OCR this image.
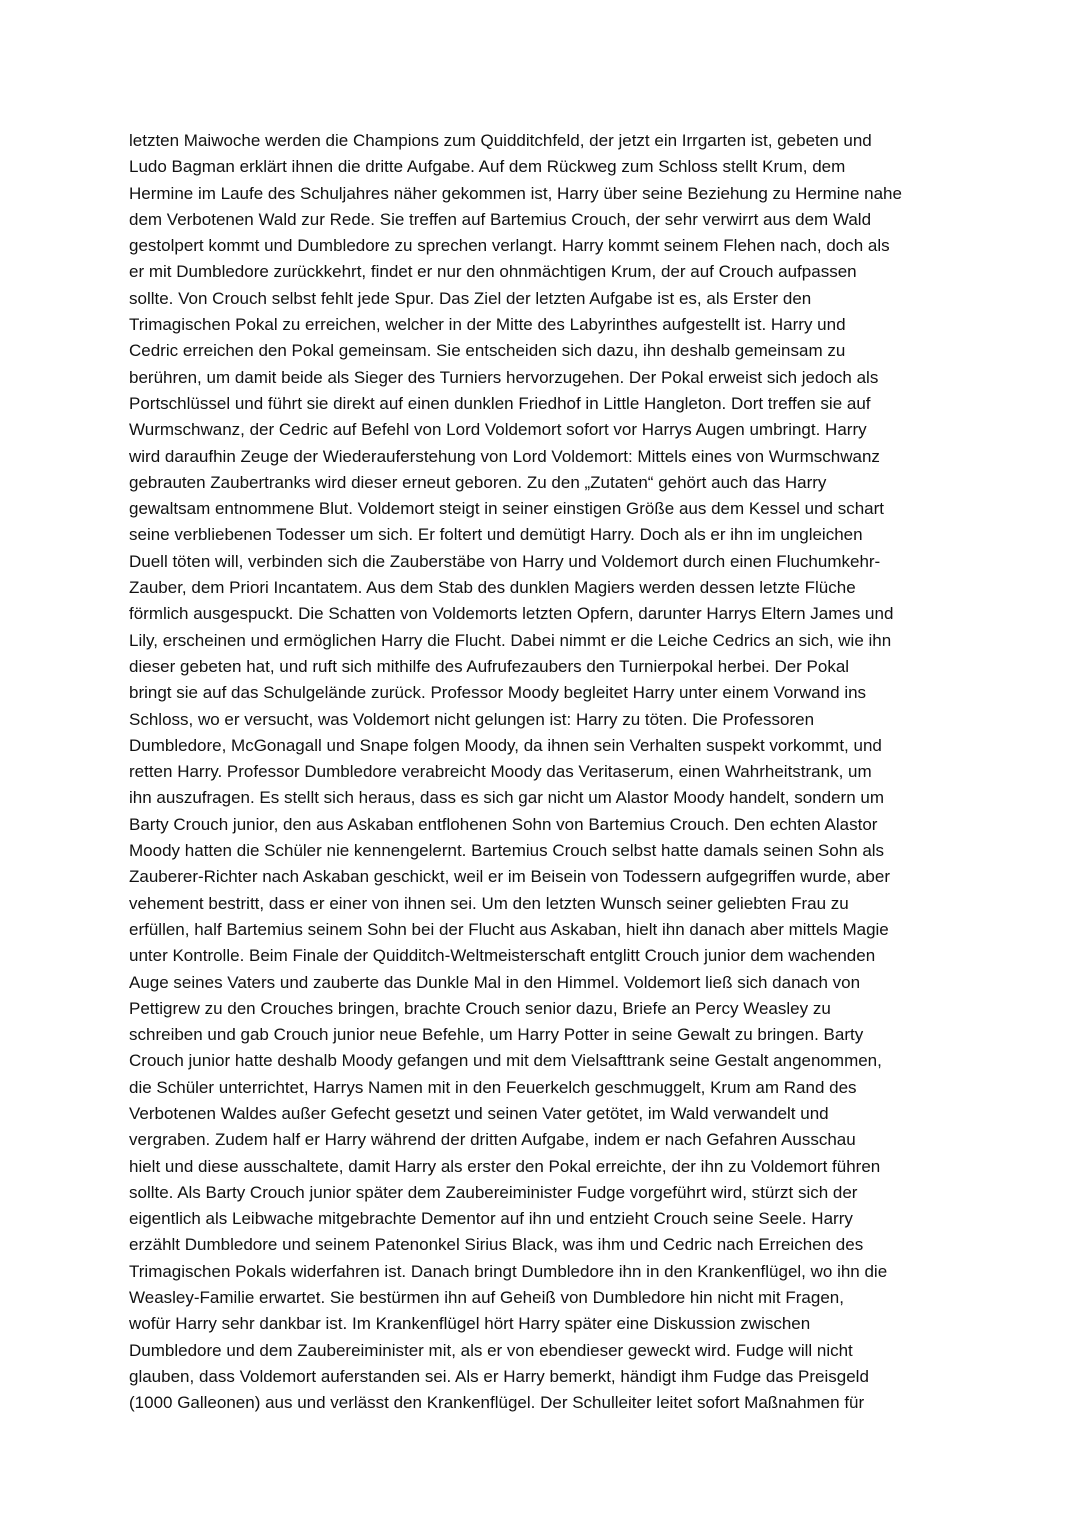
letzten Maiwoche werden die Champions zum Quidditchfeld, der jetzt ein Irrgarten ist, gebeten und
Ludo Bagman erklärt ihnen die dritte Aufgabe. Auf dem Rückweg zum Schloss stellt Krum, dem
Hermine im Laufe des Schuljahres näher gekommen ist, Harry über seine Beziehung zu Hermine nahe
dem Verbotenen Wald zur Rede. Sie treffen auf Bartemius Crouch, der sehr verwirrt aus dem Wald
gestolpert kommt und Dumbledore zu sprechen verlangt. Harry kommt seinem Flehen nach, doch als
er mit Dumbledore zurückkehrt, findet er nur den ohnmächtigen Krum, der auf Crouch aufpassen
sollte. Von Crouch selbst fehlt jede Spur. Das Ziel der letzten Aufgabe ist es, als Erster den
Trimagischen Pokal zu erreichen, welcher in der Mitte des Labyrinthes aufgestellt ist. Harry und
Cedric erreichen den Pokal gemeinsam. Sie entscheiden sich dazu, ihn deshalb gemeinsam zu
berühren, um damit beide als Sieger des Turniers hervorzugehen. Der Pokal erweist sich jedoch als
Portschlüssel und führt sie direkt auf einen dunklen Friedhof in Little Hangleton. Dort treffen sie auf
Wurmschwanz, der Cedric auf Befehl von Lord Voldemort sofort vor Harrys Augen umbringt. Harry
wird daraufhin Zeuge der Wiederauferstehung von Lord Voldemort: Mittels eines von Wurmschwanz
gebrauten Zaubertranks wird dieser erneut geboren. Zu den „Zutaten“ gehört auch das Harry
gewaltsam entnommene Blut. Voldemort steigt in seiner einstigen Größe aus dem Kessel und schart
seine verbliebenen Todesser um sich. Er foltert und demütigt Harry. Doch als er ihn im ungleichen
Duell töten will, verbinden sich die Zauberstäbe von Harry und Voldemort durch einen Fluchumkehr-
Zauber, dem Priori Incantatem. Aus dem Stab des dunklen Magiers werden dessen letzte Flüche
förmlich ausgespuckt. Die Schatten von Voldemorts letzten Opfern, darunter Harrys Eltern James und
Lily, erscheinen und ermöglichen Harry die Flucht. Dabei nimmt er die Leiche Cedrics an sich, wie ihn
dieser gebeten hat, und ruft sich mithilfe des Aufrufezaubers den Turnierpokal herbei. Der Pokal
bringt sie auf das Schulgelände zurück. Professor Moody begleitet Harry unter einem Vorwand ins
Schloss, wo er versucht, was Voldemort nicht gelungen ist: Harry zu töten. Die Professoren
Dumbledore, McGonagall und Snape folgen Moody, da ihnen sein Verhalten suspekt vorkommt, und
retten Harry. Professor Dumbledore verabreicht Moody das Veritaserum, einen Wahrheitstrank, um
ihn auszufragen. Es stellt sich heraus, dass es sich gar nicht um Alastor Moody handelt, sondern um
Barty Crouch junior, den aus Askaban entflohenen Sohn von Bartemius Crouch. Den echten Alastor
Moody hatten die Schüler nie kennengelernt. Bartemius Crouch selbst hatte damals seinen Sohn als
Zauberer-Richter nach Askaban geschickt, weil er im Beisein von Todessern aufgegriffen wurde, aber
vehement bestritt, dass er einer von ihnen sei. Um den letzten Wunsch seiner geliebten Frau zu
erfüllen, half Bartemius seinem Sohn bei der Flucht aus Askaban, hielt ihn danach aber mittels Magie
unter Kontrolle. Beim Finale der Quidditch-Weltmeisterschaft entglitt Crouch junior dem wachenden
Auge seines Vaters und zauberte das Dunkle Mal in den Himmel. Voldemort ließ sich danach von
Pettigrew zu den Crouches bringen, brachte Crouch senior dazu, Briefe an Percy Weasley zu
schreiben und gab Crouch junior neue Befehle, um Harry Potter in seine Gewalt zu bringen. Barty
Crouch junior hatte deshalb Moody gefangen und mit dem Vielsafttrank seine Gestalt angenommen,
die Schüler unterrichtet, Harrys Namen mit in den Feuerkelch geschmuggelt, Krum am Rand des
Verbotenen Waldes außer Gefecht gesetzt und seinen Vater getötet, im Wald verwandelt und
vergraben. Zudem half er Harry während der dritten Aufgabe, indem er nach Gefahren Ausschau
hielt und diese ausschaltete, damit Harry als erster den Pokal erreichte, der ihn zu Voldemort führen
sollte. Als Barty Crouch junior später dem Zaubereiminister Fudge vorgeführt wird, stürzt sich der
eigentlich als Leibwache mitgebrachte Dementor auf ihn und entzieht Crouch seine Seele. Harry
erzählt Dumbledore und seinem Patenonkel Sirius Black, was ihm und Cedric nach Erreichen des
Trimagischen Pokals widerfahren ist. Danach bringt Dumbledore ihn in den Krankenflügel, wo ihn die
Weasley-Familie erwartet. Sie bestürmen ihn auf Geheiß von Dumbledore hin nicht mit Fragen,
wofür Harry sehr dankbar ist. Im Krankenflügel hört Harry später eine Diskussion zwischen
Dumbledore und dem Zaubereiminister mit, als er von ebendieser geweckt wird. Fudge will nicht
glauben, dass Voldemort auferstanden sei. Als er Harry bemerkt, händigt ihm Fudge das Preisgeld
(1000 Galleonen) aus und verlässt den Krankenflügel. Der Schulleiter leitet sofort Maßnahmen für
